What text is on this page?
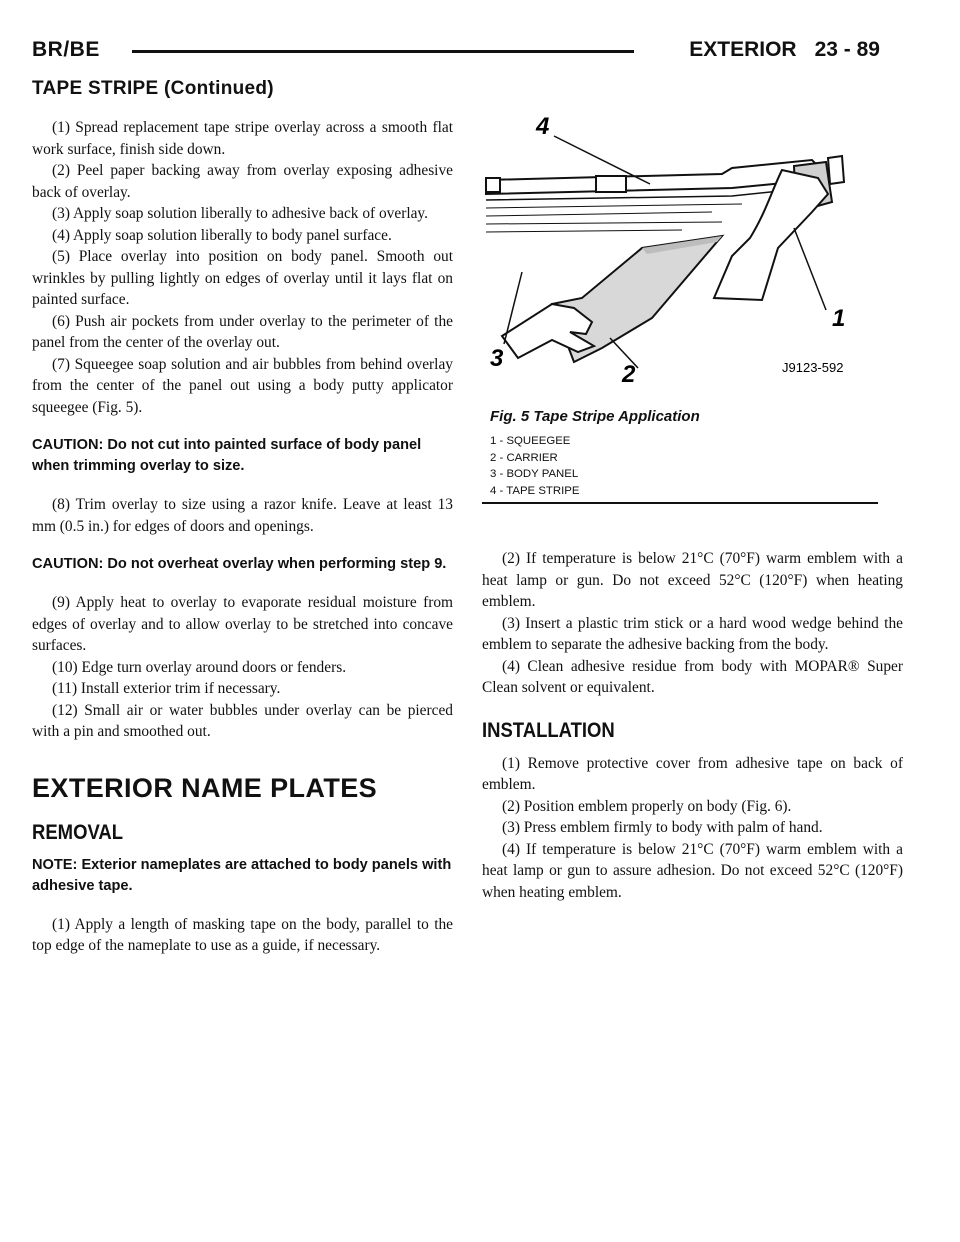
BR/BE	EXTERIOR 23 - 89
TAPE STRIPE (Continued)

(1) Spread replacement tape stripe overlay across a smooth flat work surface, finish side down.

(2) Peel paper backing away from overlay exposing adhesive back of overlay.

(3) Apply soap solution liberally to adhesive back of overlay.

(4) Apply soap solution liberally to body panel surface.

(5) Place overlay into position on body panel. Smooth out wrinkles by pulling lightly on edges of overlay until it lays flat on painted surface.

(6) Push air pockets from under overlay to the perimeter of the panel from the center of the overlay out.

(7) Squeegee soap solution and air bubbles from behind overlay from the center of the panel out using a body putty applicator squeegee (Fig. 5).

CAUTION: Do not cut into painted surface of body panel when trimming overlay to size.

(8) Trim overlay to size using a razor knife. Leave at least 13 mm (0.5 in.) for edges of doors and openings.

CAUTION: Do not overheat overlay when performing step 9.

(9) Apply heat to overlay to evaporate residual moisture from edges of overlay and to allow overlay to be stretched into concave surfaces.

(10) Edge turn overlay around doors or fenders.

(11) Install exterior trim if necessary.

(12) Small air or water bubbles under overlay can be pierced with a pin and smoothed out.

EXTERIOR NAME PLATES
REMOVAL

NOTE: Exterior nameplates are attached to body panels with adhesive tape.

(1) Apply a length of masking tape on the body, parallel to the top edge of the nameplate to use as a guide, if necessary.

4
1
3
2	J9123-592
Fig. 5 Tape Stripe Application
1 - SQUEEGEE
2 - CARRIER
3 - BODY PANEL
4 - TAPE STRIPE

(2) If temperature is below 21°C (70°F) warm emblem with a heat lamp or gun. Do not exceed 52°C (120°F) when heating emblem.

(3) Insert a plastic trim stick or a hard wood wedge behind the emblem to separate the adhesive backing from the body.

(4) Clean adhesive residue from body with MOPAR® Super Clean solvent or equivalent.

INSTALLATION

(1) Remove protective cover from adhesive tape on back of emblem.

(2) Position emblem properly on body (Fig. 6).

(3) Press emblem firmly to body with palm of hand.

(4) If temperature is below 21°C (70°F) warm emblem with a heat lamp or gun to assure adhesion. Do not exceed 52°C (120°F) when heating emblem.
